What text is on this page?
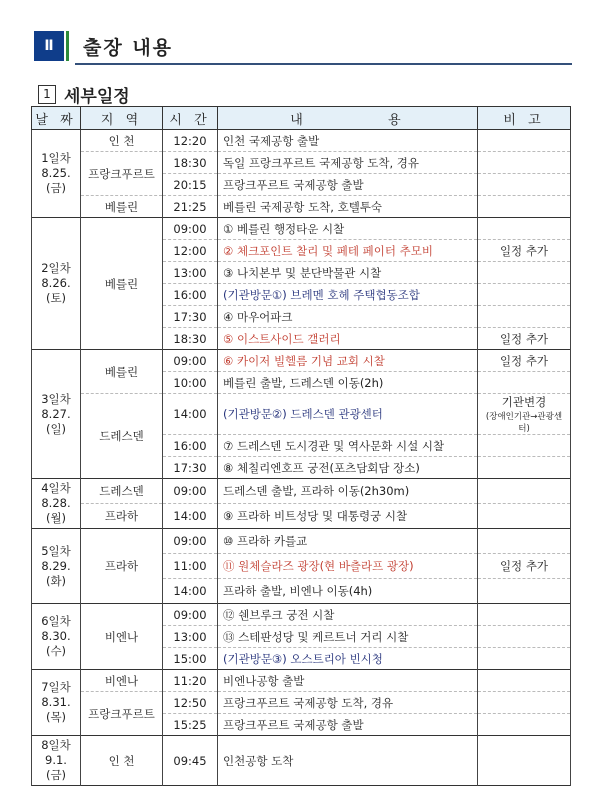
Ⅱ	출장 내용
1 세부일정
날 짜	지 역	시 간	내          용	비 고

1일차
8.25.
(금)	인 천	12:20	인천 국제공항 출발	
	프랑크푸르트	18:30	독일 프랑크푸르트 국제공항 도착, 경유	
		20:15	프랑크푸르트 국제공항 출발	
	베를린	21:25	베를린 국제공항 도착, 호텔투숙	

2일차
8.26.
(토)	베를린	09:00	① 베를린 행정타운 시찰	
		12:00	② 체크포인트 찰리 및 페테 페이터 추모비	일정 추가
		13:00	③ 나치본부 및 분단박물관 시찰	
		16:00	(기관방문①) 브레멘 호헤 주택협동조합	
		17:30	④ 마우어파크	
		18:30	⑤ 이스트사이드 갤러리	일정 추가

3일차
8.27.
(일)	베를린	09:00	⑥ 카이저 빌헬름 기념 교회 시찰	일정 추가
		10:00	베를린 출발, 드레스덴 이동(2h)	
	드레스덴	14:00	(기관방문②) 드레스덴 관광센터	기관변경
(장애인기관→관광센터)

		16:00	⑦ 드레스덴 도시경관 및 역사문화 시설 시찰	
		17:30	⑧ 체칠리엔호프 궁전(포츠담회담 장소)	

4일차
8.28.
(월)	드레스덴	09:00	드레스덴 출발, 프라하 이동(2h30m)	
	프라하	14:00	⑨ 프라하 비트성당 및 대통령궁 시찰	

5일차
8.29.
(화)	프라하	09:00	⑩ 프라하 카를교	
		11:00	⑪ 원체슬라즈 광장(현 바츨라프 광장)	일정 추가
		14:00	프라하 출발, 비엔나 이동(4h)	

6일차
8.30.
(수)	비엔나	09:00	⑫ 쉔브루크 궁전 시찰	
		13:00	⑬ 스테판성당 및 케르트너 거리 시찰	
		15:00	(기관방문③) 오스트리아 빈시청	

7일차
8.31.
(목)	비엔나	11:20	비엔나공항 출발	
	프랑크푸르트	12:50	프랑크푸르트 국제공항 도착, 경유	
		15:25	프랑크푸르트 국제공항 출발	

8일차
9.1.
(금)	인 천	09:45	인천공항 도착	
